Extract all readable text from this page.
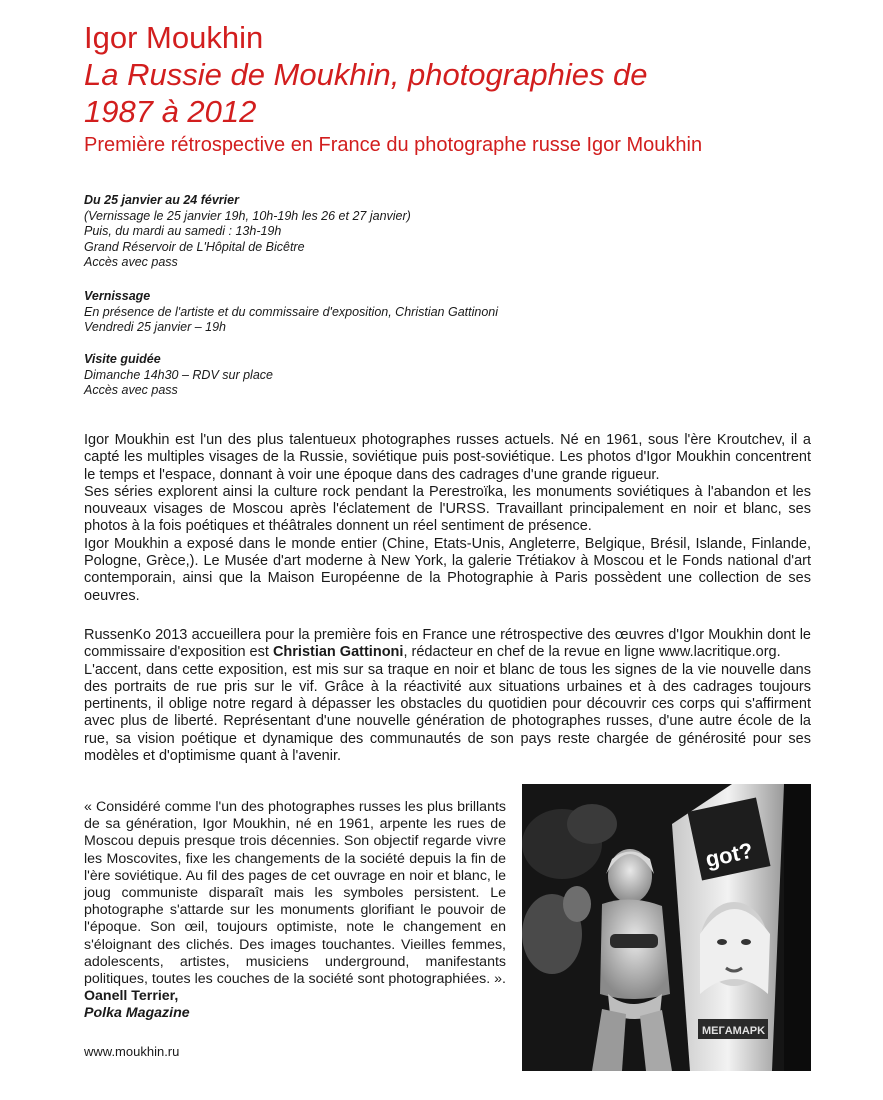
Igor Moukhin
La Russie de Moukhin, photographies de
1987 à 2012
Première rétrospective en France du photographe russe Igor Moukhin
Du 25 janvier au 24 février
(Vernissage le 25 janvier 19h, 10h-19h les 26 et 27 janvier)
Puis, du mardi au samedi : 13h-19h
Grand Réservoir de L'Hôpital de Bicêtre
Accès avec pass
Vernissage
En présence de l'artiste et du commissaire d'exposition, Christian Gattinoni
Vendredi 25 janvier – 19h
Visite guidée
Dimanche 14h30 – RDV sur place
Accès avec pass

Igor Moukhin est l'un des plus talentueux photographes russes actuels. Né en 1961, sous l'ère Kroutchev, il a capté les multiples visages de la Russie, soviétique puis post-soviétique. Les photos d'Igor Moukhin concentrent le temps et l'espace, donnant à voir une époque dans des cadrages d'une grande rigueur.

Ses séries explorent ainsi la culture rock pendant la Perestroïka, les monuments soviétiques à l'abandon et les nouveaux visages de Moscou après l'éclatement de l'URSS. Travaillant principalement en noir et blanc, ses photos à la fois poétiques et théâtrales donnent un réel sentiment de présence.

Igor Moukhin a exposé dans le monde entier (Chine, Etats-Unis, Angleterre, Belgique, Brésil, Islande, Finlande, Pologne, Grèce,). Le Musée d'art moderne à New York, la galerie Trétiakov à Moscou et le Fonds national d'art contemporain, ainsi que la Maison Européenne de la Photographie à Paris possèdent une collection de ses oeuvres.

RussenKo 2013 accueillera pour la première fois en France une rétrospective des œuvres d'Igor Moukhin dont le commissaire d'exposition est Christian Gattinoni, rédacteur en chef de la revue en ligne www.lacritique.org.

L'accent, dans cette exposition, est mis sur sa traque en noir et blanc de tous les signes de la vie nouvelle dans des portraits de rue pris sur le vif. Grâce à la réactivité aux situations urbaines et à des cadrages toujours pertinents, il oblige notre regard à dépasser les obstacles du quotidien pour découvrir ces corps qui s'affirment avec plus de liberté. Représentant d'une nouvelle génération de photographes russes, d'une autre école de la rue, sa vision poétique et dynamique des communautés de son pays reste chargée de générosité pour ses modèles et d'optimisme quant à l'avenir.

« Considéré comme l'un des photographes russes les plus brillants de sa génération, Igor Moukhin, né en 1961, arpente les rues de Moscou depuis presque trois décennies. Son objectif regarde vivre les Moscovites, fixe les changements de la société depuis la fin de l'ère soviétique. Au fil des pages de cet ouvrage en noir et blanc, le joug communiste disparaît mais les symboles persistent. Le photographe s'attarde sur les monuments glorifiant le pouvoir de l'époque. Son œil, toujours optimiste, note le changement en s'éloignant des clichés. Des images touchantes. Vieilles femmes, adolescents, artistes, musiciens underground, manifestants politiques, toutes les couches de la société sont photographiées. ». Oanell Terrier,
Polka Magazine
www.moukhin.ru
got?
MEГAMAPK
